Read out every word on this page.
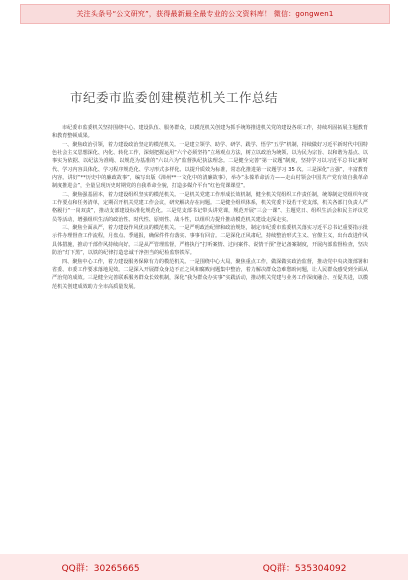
关注头条号“公文研究”，获得最新最全最专业的公文资料库！ 微信：gongwen1
市纪委市监委创建模范机关工作总结

市纪委市监委机关坚持围绕中心、建设队伍、服务群众，以模范机关创建为抓手统筹推进机关党的建设各项工作，持续巩固拓展主题教育和教育整顿成果。

一、聚焦政治引领，着力建设政治坚定的模范机关。一是建立领学、助学、研学、践学、悟学“五学”机制，持续做好习近平新时代中国特色社会主义思想深化、内化、转化工作，深刻把握运用“六个必须坚持”立场观点方法，树立以政治为统领、以为民为宗旨、以和谐为基点、以事实为依据、以纪法为准绳、以规范为基准的“六以六为”监督执纪执法理念。二是健全完善“第一议题”制度，坚持学习以习近平总书记新时代、学习内容具体化、学习程序规范化、学习形式多样化、以提升质效为标准，常态化推进第一议题学习 35 次。三是深化“言强”，丰富教育内容。讲好“**历史中的廉政故事”，编写出版《漳州**一文化中的清廉故事》，举办“永葆革命活力——走山村领会中国共产党有效自我革命制度推进会”，全量呈现历史时期党的自我革命全貌，打造多媒介平台“红色党课课堂”。

二、聚焦强基固本，着力建设组织坚实的模范机关。一是机关党建工作形成长效机制，健全机关党组织工作责任制，统筹制定党组织年度工作要点和任务清单，定期召开机关党建工作会议，研究解决存在问题。二是健全组织体系，机关党委下设若干党支部，机关各部门负责人严格履行“一岗双责”，推动支部建设标准化规范化。三是党支部书记带头讲党课，规范开展“三会一课”、主题党日、组织生活会和民主评议党员等活动，增强组织生活的政治性、时代性、原则性、战斗性，以组织力提升推动模范机关建设走深走实。

三、聚焦全面从严，着力建设作风优良的模范机关。一是严明政治纪律和政治规矩，制定市纪委市监委机关落实习近平总书记重要指示批示件办理督查工作流程，月盘点、季通报，确保件件有落实、事事有回音。二是深化正风肃纪，持续整治形式主义、官僚主义，出台改进作风具体措施，推动干部作风持续向好。三是从严管理监督，严格执行“打听案情、过问案件、说情干预”登记备案制度，开展内部监督检查，坚决防治“灯下黑”，以铁的纪律打造忠诚干净担当的纪检监察铁军。

四、聚焦中心工作，着力建设服务保障有力的模范机关。一是围绕中心大局，聚焦重点工作，做深做实政治监督，推动党中央决策部署和省委、市委工作要求落地见效。二是深入开展群众身边不正之风和腐败问题集中整治，着力解决群众急难愁盼问题，让人民群众感受到全面从严治党的成效。三是健全完善联系服务群众长效机制，深化“我为群众办实事”实践活动，推动机关党建与业务工作深度融合、互促共进，以模范机关创建成效助力全市高质量发展。

QQ群：30265665	QQ群：535304092
